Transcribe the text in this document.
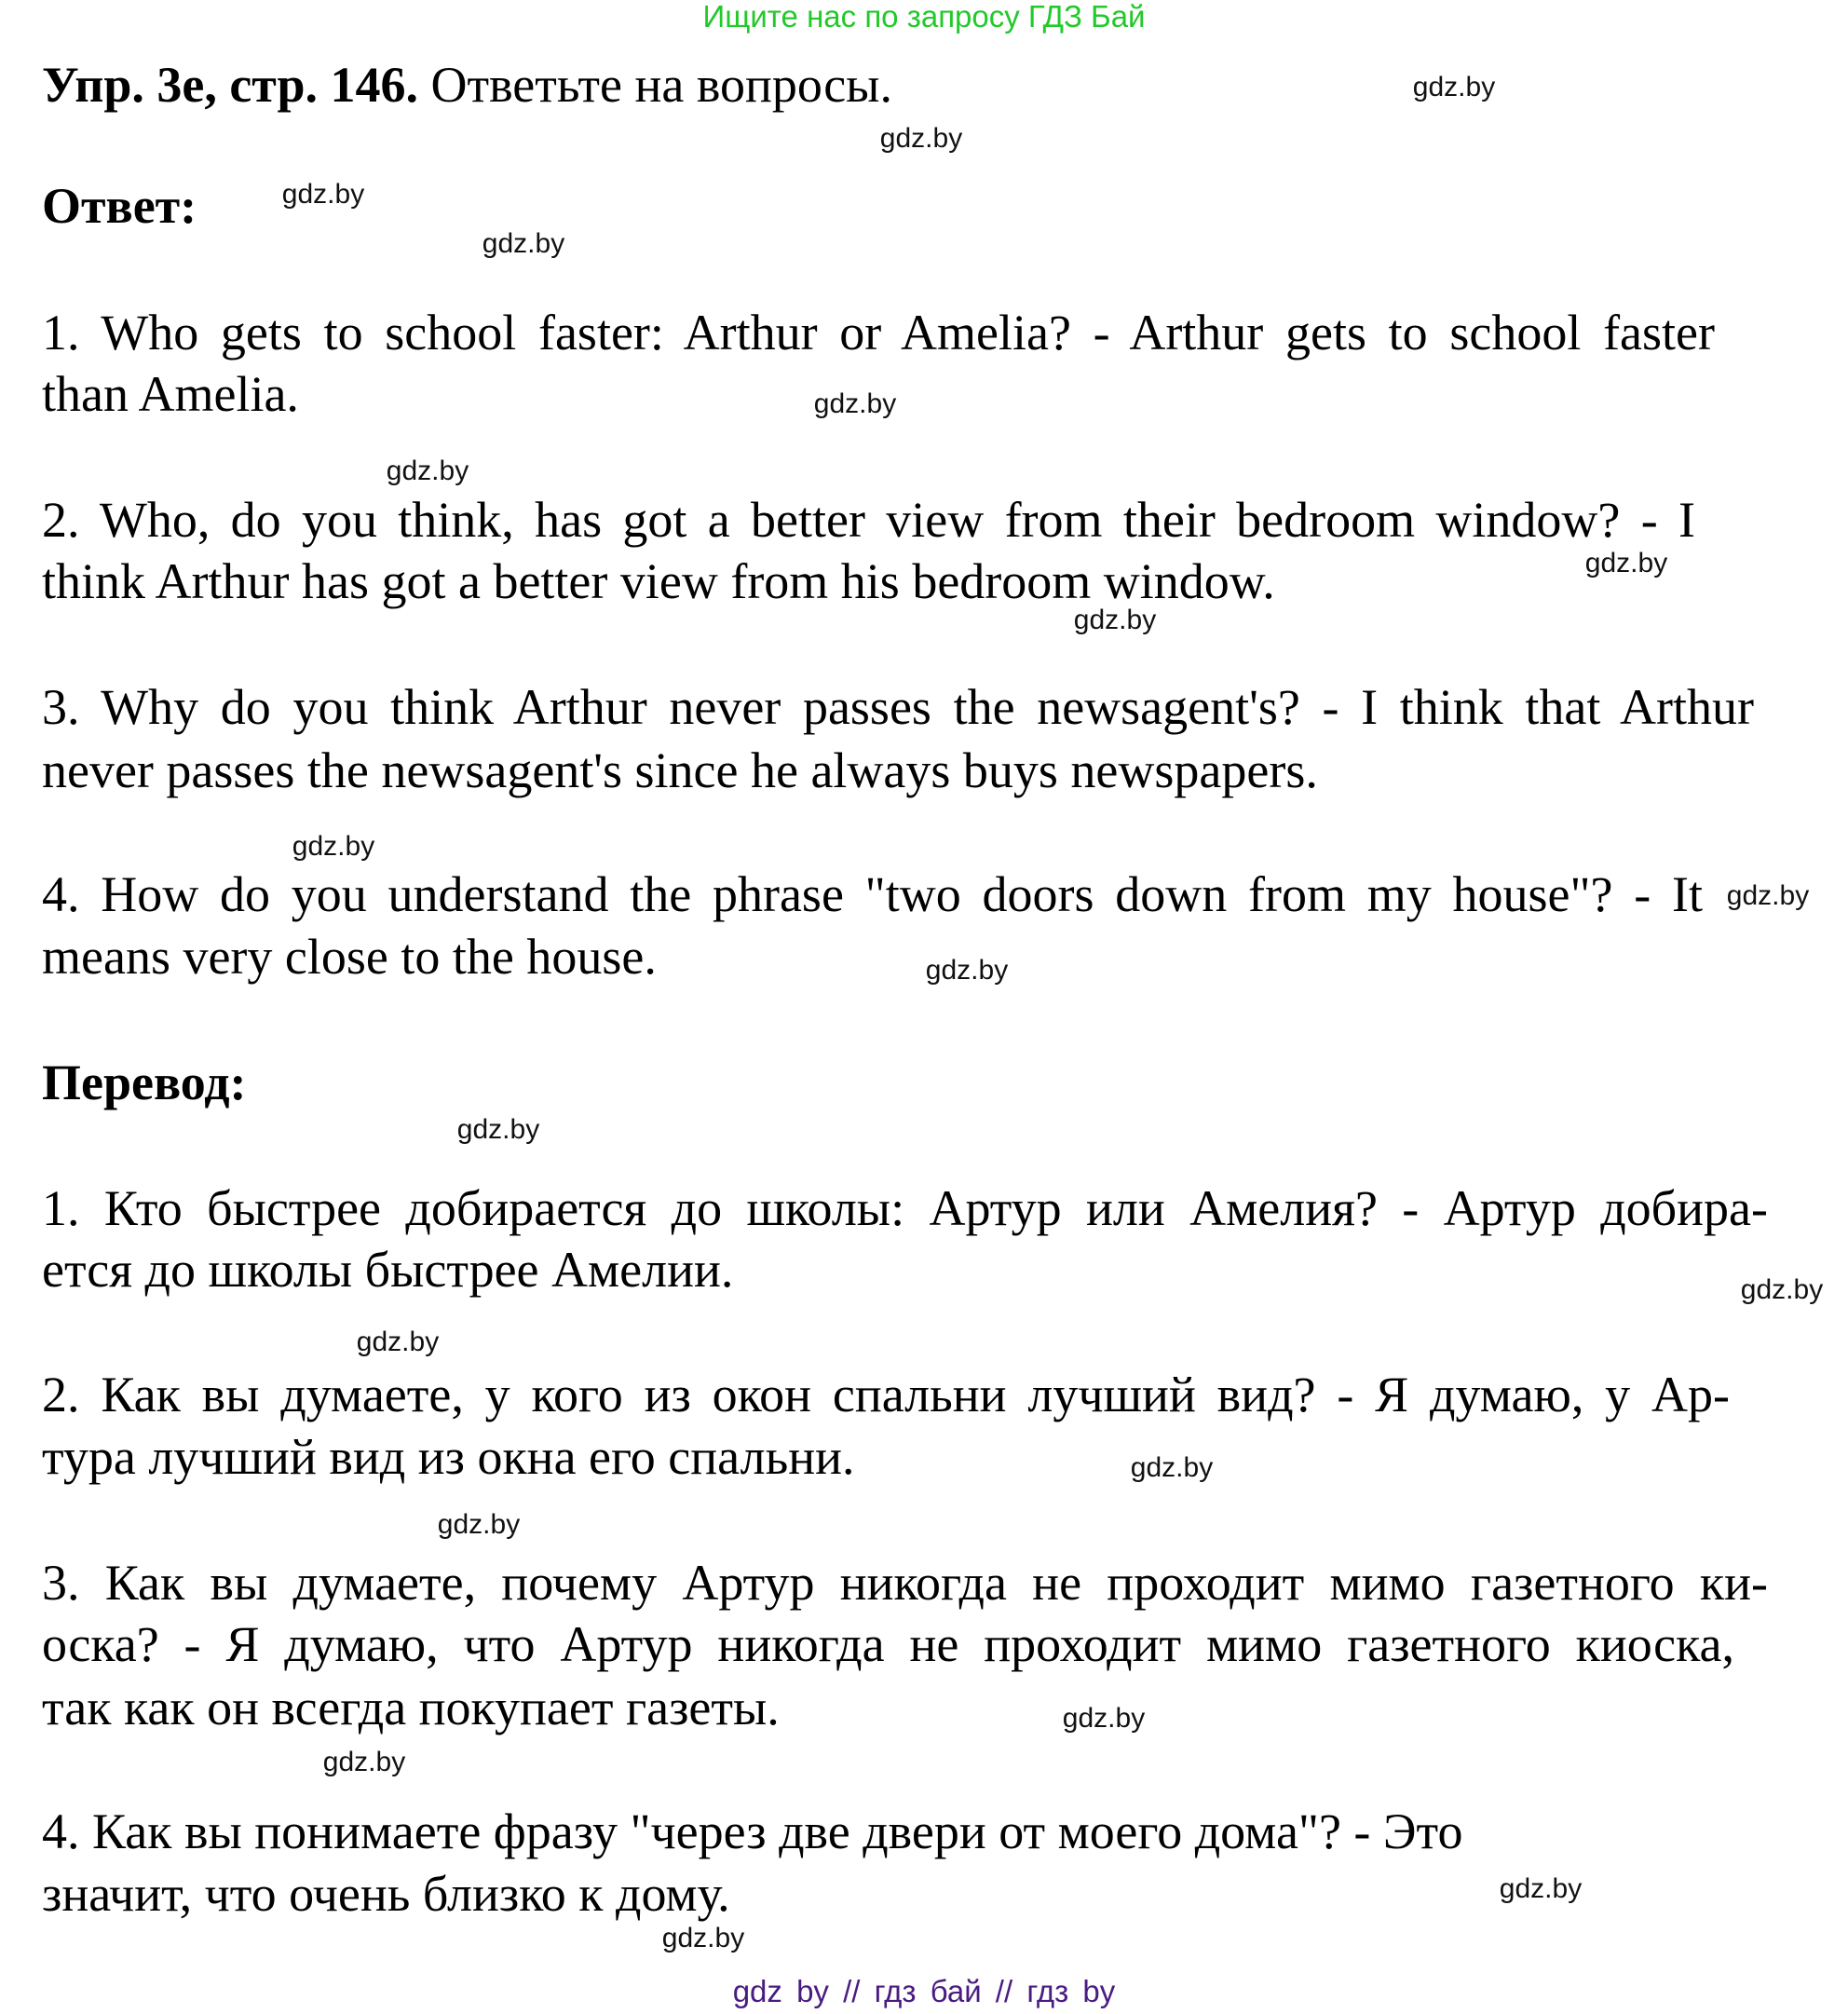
Ищите нас по запросу ГДЗ Бай
Упр. 3е, стр. 146. Ответьте на вопросы.
Ответ:
1. Who gets to school faster: Arthur or Amelia? - Arthur gets to school faster
than Amelia.
2. Who, do you think, has got a better view from their bedroom window? - I
think Arthur has got a better view from his bedroom window.
3. Why do you think Arthur never passes the newsagent's? - I think that Arthur
never passes the newsagent's since he always buys newspapers.
4. How do you understand the phrase "two doors down from my house"? - It
means very close to the house.
Перевод:
1. Кто быстрее добирается до школы: Артур или Амелия? - Артур добира-
ется до школы быстрее Амелии.
2. Как вы думаете, у кого из окон спальни лучший вид? - Я думаю, у Ар-
тура лучший вид из окна его спальни.
3. Как вы думаете, почему Артур никогда не проходит мимо газетного ки-
оска? - Я думаю, что Артур никогда не проходит мимо газетного киоска,
так как он всегда покупает газеты.
4. Как вы понимаете фразу "через две двери от моего дома"? - Это
значит, что очень близко к дому.
gdz.by
gdz.by
gdz.by
gdz.by
gdz.by
gdz.by
gdz.by
gdz.by
gdz.by
gdz.by
gdz.by
gdz.by
gdz.by
gdz.by
gdz.by
gdz.by
gdz.by
gdz.by
gdz.by
gdz.by
gdz by // гдз бай // гдз by
